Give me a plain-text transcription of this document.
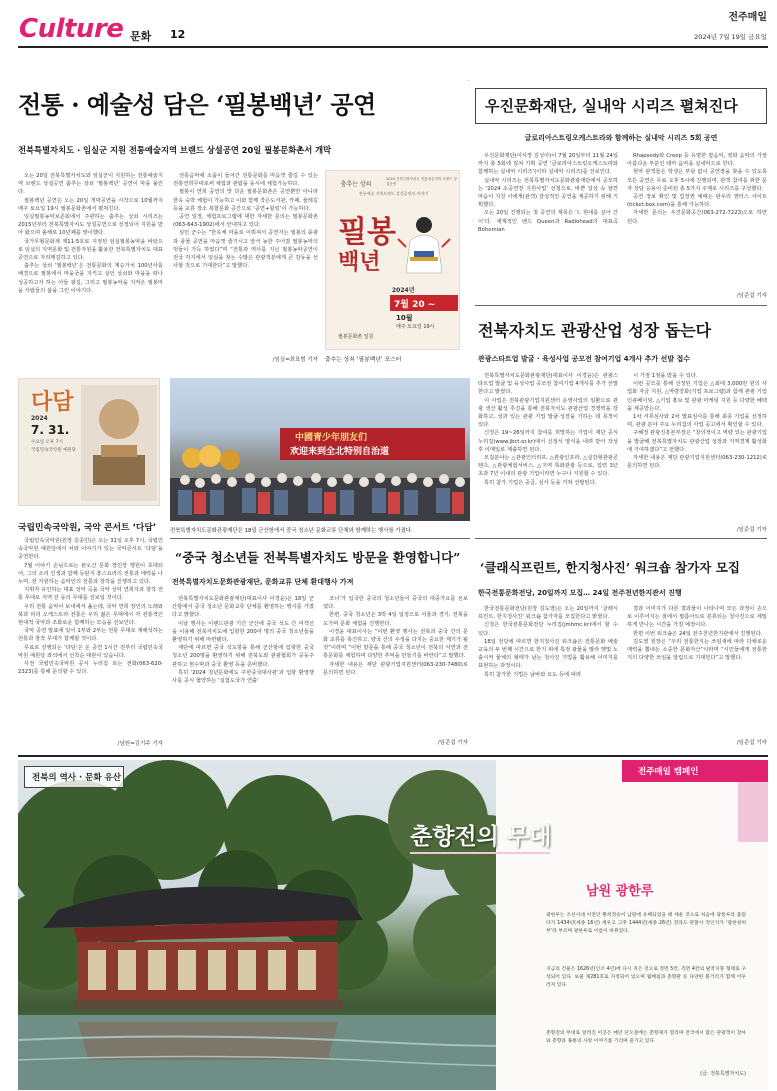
Culture 문화 12
전주매일
2024년 7월 19일 금요일
전통 · 예술성 담은 ‘필봉백년’ 공연
전북특별자치도 · 임실군 지원 전통예술지역 브랜드 상설공연 20일 필봉문화촌서 개막

오는 20일 전북특별자치도와 임실군이 지원하는 전통예술지역 브랜드 상설공연 춤추는 상쇠 ‘필봉백년’ 공연이 막을 올린다.

필봉백년 공연은 오는 20일 개막공연을 시작으로 10월까지 매주 토요일 19시 필봉문화촌에서 펼쳐진다.

임실필봉농악보존회에서 주관하는 춤추는 상쇠 시리즈는 2015년부터 전북특별자치도 상설공연으로 선정되어 지원을 받아 왔으며 올해로 10년째를 맞이했다.

국가무형문화재 제11-5호로 지정된 임실필봉농악을 바탕으로 임실의 지역문화 및 전통자원을 활용한 전북특별자치도 대표 공연으로 자리매김하고 있다.

춤추는 상쇠 ‘필봉백년’은 전통문화의 계승가치 100년사를 배경으로 필봉에서 마을굿을 지키고 살던 상쇠와 마을을 떠나 성공하고자 하는 아들 광길, 그리고 필봉농악을 지켜온 필봉마을 사람들의 삶을 그린 이야기다.

전통음악에 소품이 들어간 전통문화를 마음껏 즐길 수 있는 전통연희무대로써 체험과 관람을 동시에 체험가능하다.

필봉이 연희 공연의 맛 다운 필봉문화촌은 공연뿐만 아니라 한옥 숙박 체험이 가능하고 이와 함께 작은도서관, 카페, 물레길 등을 교류 장소 복합문화 공간으로 ‘공연+힐링’이 가능하다.

공연 일정, 체험프로그램에 대한 자세한 문의는 필봉문화촌(063-643-1902)에서 안내하고 있다.

심민 군수는 “한옥체 마을로 이뤄져서 공연자는 필봉의 풍광과 풍물 공연을 마음껏 즐기시고 앞서 농한 주어졌 필봉농악의 멋들이 가득 하였다”며 “전통과 역사를 지닌 필봉농악공연이 전국 각지에서 임실을 찾는 수많은 관광객분에게 큰 감동을 선사할 것으로 기대한다”고 말했다.

/임실=최표범 기자
춤추는 상쇠
2024 전북특별자치도 전통예술지역 브랜드 상설공연
전통예술 지역브랜드 상설공연의 이야기
필봉
백년
2024년
7월 20 ~
10월
매주 토요일 19시
필봉문화촌 일원
춤추는 상쇠 ‘필봉백년’ 포스터
우진문화재단, 실내악 시리즈 펼쳐진다
글로리아스트링오케스트라와 함께하는 실내악 시리즈 5회 공연

우진문화재단(이사장 김성아)이 7월 20일부터 11월 24일까지 총 5회에 걸쳐 기획 공연 ‘글로리아스트링오케스트라와 함께하는 실내악 시리즈’(이하 실내악 시리즈)를 선보인다.

실내악 시리즈는 전북특별자치도문화관광재단에서 공모하는 ‘2024 소공연장 지원사업’ 선정으로, 바쁜 일상 속 잠깐 마음이 지친 이에게(관객) 감성적인 공연을 제공하기 위해 기획했다.

오는 20일 진행되는 첫 공연의 제목은 ‘Ⅰ. 현대를 살아 간 이’다. 세계적인 밴드 Queen과 Radiohead의 대표곡 Bohemian

Rhapsody와 Creep 등 유명한 팝음악, 영화 음악의 가장 아름다운 부분인 테마 음악을 실내악으로 한다.

현악 관객들은 학생은 부담 없이 공연장을 찾을 수 있도록 모든 공연은 무료 오후 5시에 진행되며, 관객 참여를 위한 문자 상담 응용이 준비된 총 5가지 주제로 시리즈를 구성했다.

공연 정보 확인 및 입장권 예매는 판우리 엔터스 사이트(ticket.box.com)을 통해 가능하다.

자세한 문의는 우진문화공간(063-272-7223)으로 하면 된다.

/임준섭 기자
전북자치도 관광산업 성장 돕는다
관광스타트업 발굴 · 육성사업 공모전 참여기업 4개사 추가 선발 접수

전북특별자치도문화관광재단(대표이사 이경윤)은 관광스타트업 발굴 및 육성사업 공모전 참여기업 4개사를 추가 선발한다고 밝혔다.

이 사업은 전북관광기업지원센터 운영사업의 일환으로 관광 생산 활성 추진을 통해 전북자치도 관광산업 경쟁력을 강화하고, 성과 있는 관광 기업 발굴·성장을 기하는 데 목적이 있다.

신청은 19~26일까지 참여를 희망하는 기업이 재단 공식 누리집(www.jbct.or.kr)에서 신청서 양식을 내려 받아 작성 후 이메일로 제출하면 된다.

모집분야는 △관광인터리프, △관광인프라, △실감형관광콘텐츠, △관광체험서비스, △지역 특화관광 등으로, 업력 3년 초과 7년 이내의 관광 기업이라면 누구나 지원할 수 있다.

특히 참가 기업은 중급, 심사 등을 거쳐 선발된다.

시 가점 1점을 받을 수 있다.

이번 공모를 통해 선정된 기업은 △최대 3,000만 원의 사업화 자금 지원, △역량강화(기업 프로그램)과 함께 관광 기업 인큐베이팅, △기업 홍보 및 관광 마케팅 지원 등 다양한 혜택을 제공받는다.

1차 서류심사와 2차 발표심사를 통해 최종 기업을 선정하며, 관광 분야 주요 누리집의 사업 공고에서 확인할 수 있다.

구혜정 관광진흥본부장은 “창의적이고 역량 있는 관광기업을 발굴해 전북특별자치도 관광산업 성장과 지역경제 활성화에 기여하겠다”고 전했다.

자세한 내용은 재단 관광기업지원센터(063-230-1212)로 문의하면 된다.

/임준섭 기자
中國青少年朋友们
欢迎来到全北特别自治道
전북특별자치도문화관광재단은 18일 군산항에서 중국 청소년 문화교류 단체와 함께하는 행사를 가졌다.
다담
2024
7. 31.
수요일 오후 7시
국립민속국악원 예원당
국립민속국악원, 국악 콘서트 ‘다담’

국립민속국악원(원장 김종민)은 오는 31일 오후 7시, 국립민속국악원 예원당에서 차와 이야기가 있는 국악콘서트 ‘다담’을 공연한다.

7월 이야기 손님으로는 완오산 문화 장인장 행원이 초대되어, 그의 소리 인생과 함께 등판지 흥스요리의 전통과 매력을 나누며, 전 지원하는 음악인의 전통과 창작을 진행하고 있다.

지휘자 유인하는 대표 성악 곡을 국악 성악 연희자과 창작 전통 무대로 지역 잔 동의 무대를 선보일 것이다.

우리 전통 음악이 보내에서 옮는데, 국악 연희 장인의 노래와 북과 피리 오케스트라 전통은 우리 젊은 무대에서 각 전통적인 현대적 국악과 조화로운 함께하는 모습을 선보인다.

국악 공연 발표에 있어 1부와 2부는 전통 무대로 재해석하는 전통과 창작 무대가 함께할 것이다.

무료로 진행되는 ‘다담’은 온 공연 1시간 전부터 국립민속국악원 예원당 좌석에서 선착순 대관이 있습니다.

사전 국립민속국악원 공식 누리집 또는 전화(063-620-2323)를 통해 문의할 수 있다.

/남원=김기주 기자
“중국 청소년들 전북특별자치도 방문을 환영합니다”
전북특별자치도문화관광재단, 문화교류 단체 환대행사 가져

전북특별자치도문화관광재단(대표이사 이경윤)은 18일 군산항에서 중국 청소년 문화교류 단체를 환영하는 행사를 가졌다고 밝혔다.

이날 행사는 이랜드관광 기간 군산에 중국 석도 간 여객선을 이용해 전북자치도에 입항한 200여 명의 중국 청소년들을 환영하기 위해 마련됐다.

재단에 따르면 중국 석도항을 통해 군산항에 입항한 중국 청소년 200명을 환영하기 위해 전북도와 관광협회가 공동주관하고 현수막과 중국 환영 등을 준비했다.

특히 ‘2024 청년문화에도 주한중국대사관’과 입항 환영행사를 공식 협약하는 ‘실험도국가 연출’

코너’가 입국한 중국의 청소년들이 중국의 대중가요를 선보였다.

한편, 중국 청소년은 3박 4일 일정으로 서울과 경기, 전북을 도가며 문화 체험을 진행한다.

이경윤 대표이사는 “이번 환영 행사는 전북과 중국 간의 문화 교류를 촉진하고, 양국 간의 우정을 다지는 중요한 계기가 될 것”이라며 “이번 방문을 통해 중국 청소년이 전북의 자연과 전통문화를 체험하며 다양한 추억을 만들기를 바란다”고 말했다.

자세한 내용은 재단 관광기업지원센터(063-230-7480)로 문의하면 된다.

/임준섭 기자
‘클래식프린트, 한지청사진’ 워크숍 참가자 모집
한국전통문화전당, 20일까지 모집… 24일 전주천년한지관서 진행

한국전통문화전당(원장 김도영)은 오는 20일까지 ‘클래식프린트, 한지청사진’ 워크숍 참가자를 모집한다고 밝혔다.

신청은 한국전통문화전당 누리집(jmhmc.kr)에서 할 수 있다.

18일 전당에 따르면 한지청사진 워크숍은 전통문화 예술교육의 두 번째 시간으로 한지 위에 특정 광물을 발라 햇빛 노출시켜 물체의 형태가 남는 청사진 기법을 활용해 이미지를 표현하는 과정이다.

특히 참가한 기법은 남바와 요도 등에 따라

결과 이미지가 다른 결과물이 나타나며 모든 과정이 손으로 이루어지는 점에서 필름아트로 분류되는 청사진으로 세밀하게 만나는 시간을 가질 예정이다.

한편 이번 워크숍은 24일 전주천년한지관에서 진행된다.

김도영 원장은 “우리 전통한지는 쓰임새에 따라 다채로운 매력을 뽐내는 소중한 문화자산”이라며 “시민들에게 전통한지의 다양한 쓰임을 알림으로 기대된다”고 말했다.

/임준섭 기자
전북의 역사 · 문화 유산
전주매일 캠페인
춘향전의 무대
남원 광한루
광한루는 조선시대 이전인 황희정승이 남원에 유배되었을 때 세운 것으로 처음에 광통루라 불렀다가 1434년(세종 16년) 세우고 그후 1444년(세종 26년) 전라도 관찰사 정인지가 ‘광한청허부’라 부르며 광한루로 이름이 바뀌었다.
지금의 건물은 1626년(인조 4년)에 다시 지은 것으로 정면 5칸, 측면 4칸의 팔작지붕 형태로 구성되어 있다. 보물 제281호로 지정되어 있으며 월매집과 춘향관 등 다양한 볼거리가 함께 어우러져 있다.
춘향전의 무대로 알려진 이곳은 매년 단오절에는 춘향제가 열리며 전국에서 많은 관광객이 찾아와 춘향과 몽룡의 사랑 이야기를 기리며 즐기고 있다.
(글: 전북특별자치도)
